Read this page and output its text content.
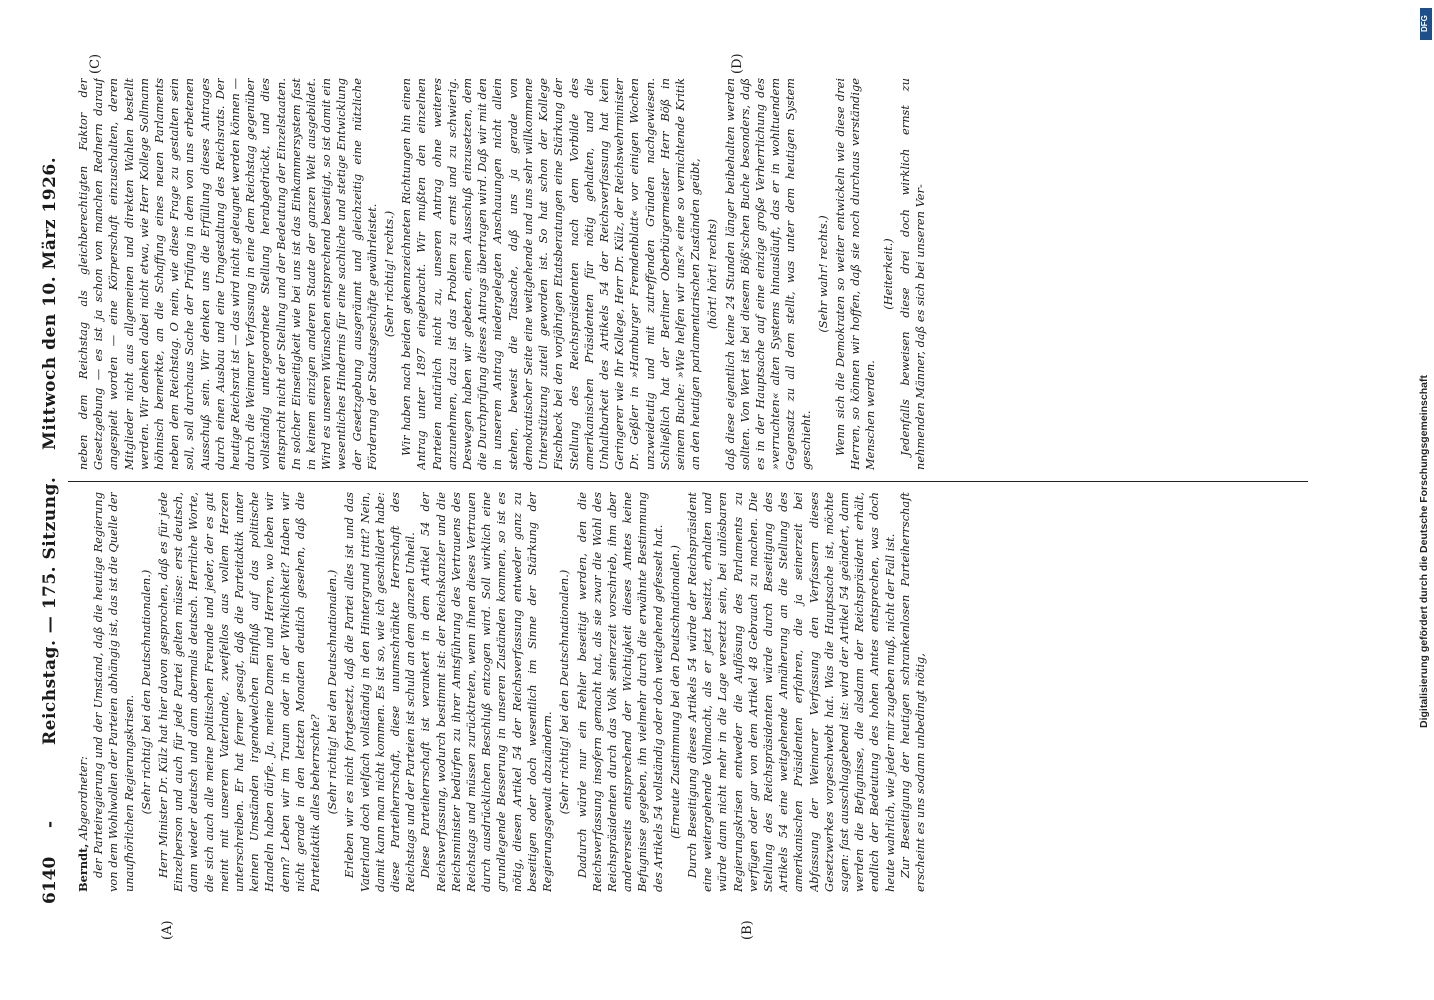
DFG
Digitalisierung gefördert durch die Deutsche Forschungsgemeinschaft
6140
-
Reichstag. — 175. Sitzung.
Mittwoch den 10. März 1926.
(A)	(B)
(C)	(D)

Berndt, Abgeordneter: der Parteiregierung und der Umstand, daß die heutige Regierung von dem Wohlwollen der Parteien abhängig ist, das ist die Quelle der unaufhörlichen Regierungskrisen. (Sehr richtig! bei den Deutschnationalen.) Herr Minister Dr. Külz hat hier davon gesprochen, daß es für jede Einzelperson und auch für jede Partei gelten müsse: erst deutsch, dann wieder deutsch und dann abermals deutsch. Herrliche Worte, die sich auch alle meine politischen Freunde und jeder, der es gut meint mit unserem Vaterlande, zweifellos aus vollem Herzen unterschreiben. Er hat ferner gesagt, daß die Parteitaktik unter keinen Umständen irgendwelchen Einfluß auf das politische Handeln haben dürfe. Ja, meine Damen und Herren, wo leben wir denn? Leben wir im Traum oder in der Wirklichkeit? Haben wir nicht gerade in den letzten Monaten deutlich gesehen, daß die Parteitaktik alles beherrschte? (Sehr richtig! bei den Deutschnationalen.) Erleben wir es nicht fortgesetzt, daß die Partei alles ist und das Vaterland doch vielfach vollständig in den Hintergrund tritt? Nein, damit kann man nicht kommen. Es ist so, wie ich geschildert habe: diese Parteiherrschaft, diese unumschränkte Herrschaft des Reichstags und der Parteien ist schuld an dem ganzen Unheil. Diese Parteiherrschaft ist verankert in dem Artikel 54 der Reichsverfassung, wodurch bestimmt ist: der Reichskanzler und die Reichsminister bedürfen zu ihrer Amtsführung des Vertrauens des Reichstags und müssen zurücktreten, wenn ihnen dieses Vertrauen durch ausdrücklichen Beschluß entzogen wird. Soll wirklich eine grundlegende Besserung in unseren Zuständen kommen, so ist es nötig, diesen Artikel 54 der Reichsverfassung entweder ganz zu beseitigen oder doch wesentlich im Sinne der Stärkung der Regierungsgewalt abzuändern. (Sehr richtig! bei den Deutschnationalen.) Dadurch würde nur ein Fehler beseitigt werden, den die Reichsverfassung insofern gemacht hat, als sie zwar die Wahl des Reichspräsidenten durch das Volk seinerzeit vorschrieb, ihm aber andererseits entsprechend der Wichtigkeit dieses Amtes keine Befugnisse gegeben, ihn vielmehr durch die erwähnte Bestimmung des Artikels 54 vollständig oder doch weitgehend gefesselt hat. (Erneute Zustimmung bei den Deutschnationalen.) Durch Beseitigung dieses Artikels 54 würde der Reichspräsident eine weitergehende Vollmacht, als er jetzt besitzt, erhalten und würde dann nicht mehr in die Lage versetzt sein, bei unlösbaren Regierungskrisen entweder die Auflösung des Parlaments zu verfügen oder gar von dem Artikel 48 Gebrauch zu machen. Die Stellung des Reichspräsidenten würde durch Beseitigung des Artikels 54 eine weitgehende Annäherung an die Stellung des amerikanischen Präsidenten erfahren, die ja seinerzeit bei Abfassung der Weimarer Verfassung den Verfassern dieses Gesetzwerkes vorgeschwebt hat. Was die Hauptsache ist, möchte sagen: fast ausschlaggebend ist: wird der Artikel 54 geändert, dann werden die Befugnisse, die alsdann der Reichspräsident erhält, endlich der Bedeutung des hohen Amtes entsprechen, was doch heute wahrlich, wie jeder mir zugeben muß, nicht der Fall ist. Zur Beseitigung der heutigen schrankenlosen Parteiherrschaft erscheint es uns sodann unbedingt nötig,

neben dem Reichstag als gleichberechtigten Faktor der Gesetzgebung — es ist ja schon von manchen Rednern darauf angespielt worden — eine Körperschaft einzuschalten, deren Mitglieder nicht aus allgemeinen und direkten Wahlen bestellt werden. Wir denken dabei nicht etwa, wie Herr Kollege Sollmann höhnisch bemerkte, an die Schaffung eines neuen Parlaments neben dem Reichstag. O nein, wie diese Frage zu gestalten sein soll, soll durchaus Sache der Prüfung in dem von uns erbetenen Ausschuß sein. Wir denken uns die Erfüllung dieses Antrages durch einen Ausbau und eine Umgestaltung des Reichsrats. Der heutige Reichsrat ist — das wird nicht geleugnet werden können — durch die Weimarer Verfassung in eine dem Reichstag gegenüber vollständig untergeordnete Stellung herabgedrückt, und dies entspricht nicht der Stellung und der Bedeutung der Einzelstaaten. In solcher Einseitigkeit wie bei uns ist das Einkammersystem fast in keinem einzigen anderen Staate der ganzen Welt ausgebildet. Wird es unseren Wünschen entsprechend beseitigt, so ist damit ein wesentliches Hindernis für eine sachliche und stetige Entwicklung der Gesetzgebung ausgeräumt und gleichzeitig eine nützliche Förderung der Staatsgeschäfte gewährleistet. (Sehr richtig! rechts.) Wir haben nach beiden gekennzeichneten Richtungen hin einen Antrag unter 1897 eingebracht. Wir mußten den einzelnen Parteien natürlich nicht zu, unseren Antrag ohne weiteres anzunehmen, dazu ist das Problem zu ernst und zu schwierig. Deswegen haben wir gebeten, einen Ausschuß einzusetzen, dem die Durchprüfung dieses Antrags übertragen wird. Daß wir mit den in unserem Antrag niedergelegten Anschauungen nicht allein stehen, beweist die Tatsache, daß uns ja gerade von demokratischer Seite eine weitgehende und uns sehr willkommene Unterstützung zuteil geworden ist. So hat schon der Kollege Fischbeck bei den vorjährigen Etatsberatungen eine Stärkung der Stellung des Reichspräsidenten nach dem Vorbilde des amerikanischen Präsidenten für nötig gehalten, und die Unhaltbarkeit des Artikels 54 der Reichsverfassung hat kein Geringerer wie Ihr Kollege, Herr Dr. Külz, der Reichswehrminister Dr. Geßler in »Hamburger Fremdenblatt« vor einigen Wochen unzweideutig und mit zutreffenden Gründen nachgewiesen. Schließlich hat der Berliner Oberbürgermeister Herr Böß in seinem Buche: »Wie helfen wir uns?« eine so vernichtende Kritik an den heutigen parlamentarischen Zuständen geübt, (hört! hört! rechts) daß diese eigentlich keine 24 Stunden länger beibehalten werden sollten. Von Wert ist bei diesem Böß'schen Buche besonders, daß es in der Hauptsache auf eine einzige große Verherrlichung des »verruchten« alten Systems hinausläuft, das er in wohltuendem Gegensatz zu all dem stellt, was unter dem heutigen System geschieht.

(Sehr wahr! rechts.) Wenn sich die Demokraten so weiter entwickeln wie diese drei Herren, so können wir hoffen, daß sie noch durchaus verständige Menschen werden.

(Heiterkeit.) Jedenfalls beweisen diese drei doch wirklich ernst zu nehmenden Männer, daß es sich bei unseren Ver-
